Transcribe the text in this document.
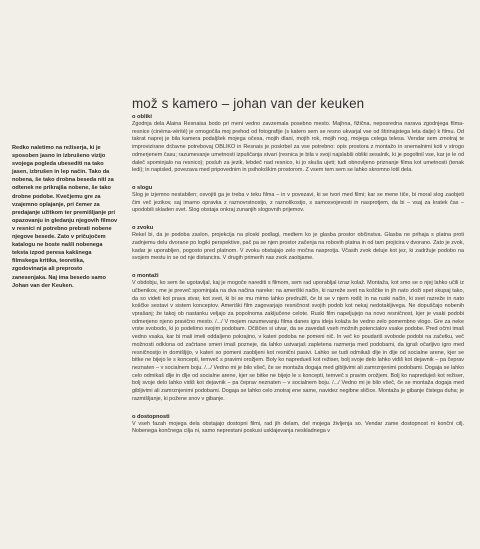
Redko naletimo na režiserja, ki je sposoben jasno in izbrušeno vizijo svojega pogleda ubesediti na tako jasen, izbrušen in lep način. Tako da nobena, še tako drobna beseda niti za odtenek ne prikrajša nobene, še tako drobne podobe. Kvečjemu gre za vzajemno oplajanje, pri čemer za predajanje užitkom ter premišljanje pri opazovanju in gledanju njegovih filmov v resnici ni potrebno prebrati nobene njegove besede. Zato v pričujočem katalogu ne boste našli nobenega teksta izpod peresa kakšnega filmskega kritika, teoretika, zgodovinarja ali preprosto zanesenjaka. Naj ima besedo samo Johan van der Keuken.

mož s kamero – johan van der keuken
o obliki

Zgodnja dela Alaina Resnaisa bodo pri meni vedno zavzemala posebno mesto. Majhna, fižična, neposredna narava zgodnjega filma-resnice (cinéma-vérité) je omogočila moj prehod od fotografije (s katero sem se resno ukvarjal vse od štirinajstega leta dalje) k filmu. Od takrat naprej je bila kamera podaljšek mojega očesa, mojih dlani, mojih rok, mojih nog, mojega celega telesa. Vendar sem zmotraj te improvizirane državne potrebovaj OBLIKO in Resnais je poskrbel za vse potrebno: opis prostora z montažo in snemalnimi koti v strogo odmerjenem času; razumevanje umetnosti izpuščanja stvari (resnica je bila v svoji najslabši obliki sesalnik, ki je pogoltnil vse, kar je le od daleč spominjalo na resnico); posluh za jezik, lebdeč nad resnico, ki jo skuša ujeti; tudi obnovljeno priznanje filma kot umetnosti (tenak ledi); in napisled, povezava med pripovednim in psihološkim prostorom. Z vsem tem sem se lahko skromno lotil dela.

o slogu

Slog je izjemno nestabilen; osvojiti ga je treba v teku filma – in v povezavi, ki se tvori med filmi; kar se mene tiče, bi moral slog zaobjeti čim več jezikov, saj imamo opravka z raznovrstnostjo, z raznolikostjo, s samosvojevosti in nasprotjem, da bi – vsaj za kratek čas – upodobili skladen svet. Slog obstaja onkraj zunanjih slogovnih prijemov.

o zvoku

Rekel bi, da je podoba zaslon, projekcija na ploski podlagi, medtem ko je glasba prostor občinstva. Glasba ne prihaja s platna proti zadnjemu delu dvorane po logiki perspektive, pač pa se njen prostor začenja na robovih platna in od tam projicira v dvorano. Zato je zvok, kadar je uporabljen, pogosto pred platnom. V zvoku obstajajo zelo močna nasprotja. Včasih zvok deluje kot jez, ki zadržuje podobo na svojem mestu in se od nje distancira. V drugih primerih nas zvok zaobjame.

o montaži

V obdobju, ko sem še ugotavljal, kaj je mogoče narediti s filmom, sem rad uporabljal izraz kolaž. Montaža, kot smo se o njej lahko učili iz učbenikov, me je preveč spominjala na dva načina nareke: na ameriški način, ki razreže svet na koščke in jih nato zloži spet skupaj tako, da so videti kot prava stvar, kot svet, ki bi se mu mirno lahko predružil, če bi se v njem rodil; in na ruski način, ki svet razreže in nato koščke sestavi v sistem konceptov. Ameriški film zagovarjajo resničnost svojih podob kot nekaj nedotakljivega. Ne dopuščajo nobenih vprašanj; že takoj ob nastanku veljajo za popolnoma zaključene celote. Ruski film napeljujejo na novo resničnost, kjer je vsaki podobi odmerjeno njeno pravično mesto. /.../ V mojem razumevanju filma danes igra ideja kolaža še vedno zelo pomembno vlogo. Gre za neke vrste svobodo, ki jo podelimo svojim podobam. Očiščen si utvar, da se zavedaš vseh možnih potencialov vsake podobe. Pred očmi imaš vedno vsaka, kar bi mali imeli oddaljeno pokrajino, v kateri podoba ne pomeni nič. In več ko poudariš svobode podobi na začetku, več možnosti odklona od začrtane smeri imaš pozneje, da lahko ustvarjaš zapletena razmerja med podobami, da igraš očarljivo igro med resničnostjo in domišljijo, v kateri so pomeni zaobljeni kot resnični pasivi. Lahko se tudi odmikaš dlje in dlje od socialne arene, kjer se bitke ne bijejo le s koncepti, temveč s pravimi orožjem. Boly ko napredueš kot režiser, bolj svoje delo lahko vidiš kot dejavnik – pa čeprav neznaten – v socialnem boju. /.../ Vedno mi je bilo všeč, če se montaža dogaja med gibljivimi ali zamrznjenimi podobami. Dogaja se lahko celo odmikaš dlje in dlje od socialne arene, kjer se bitke ne bijejo le s koncepti, temveč s pravim orožjem. Bolj ko napreduješ kot režiser, bolj svoje delo lahko vidiš kot dejavnik – pa čeprav neznaten – v socialnem boju. /.../ Vedno mi je bilo všeč, če se montaža dogaja med gibljivimi ali zamrznjenimi podobami. Dogaja se lahko celo znotraj ene same, navidez negibne sličice. Montaža je gibanje čistega duha; je razmišljanje, ki požene snov v gibanje.

o dostopnosti

V vseh fazah mojega dela obstajajo dostopni filmi, rad jih delam, del mojega življenja so. Vendar zame dostopnost ni končni cilj. Nobenega končnega cilja ni, samo neprestani poskusi usklajevanja neskladnega v
